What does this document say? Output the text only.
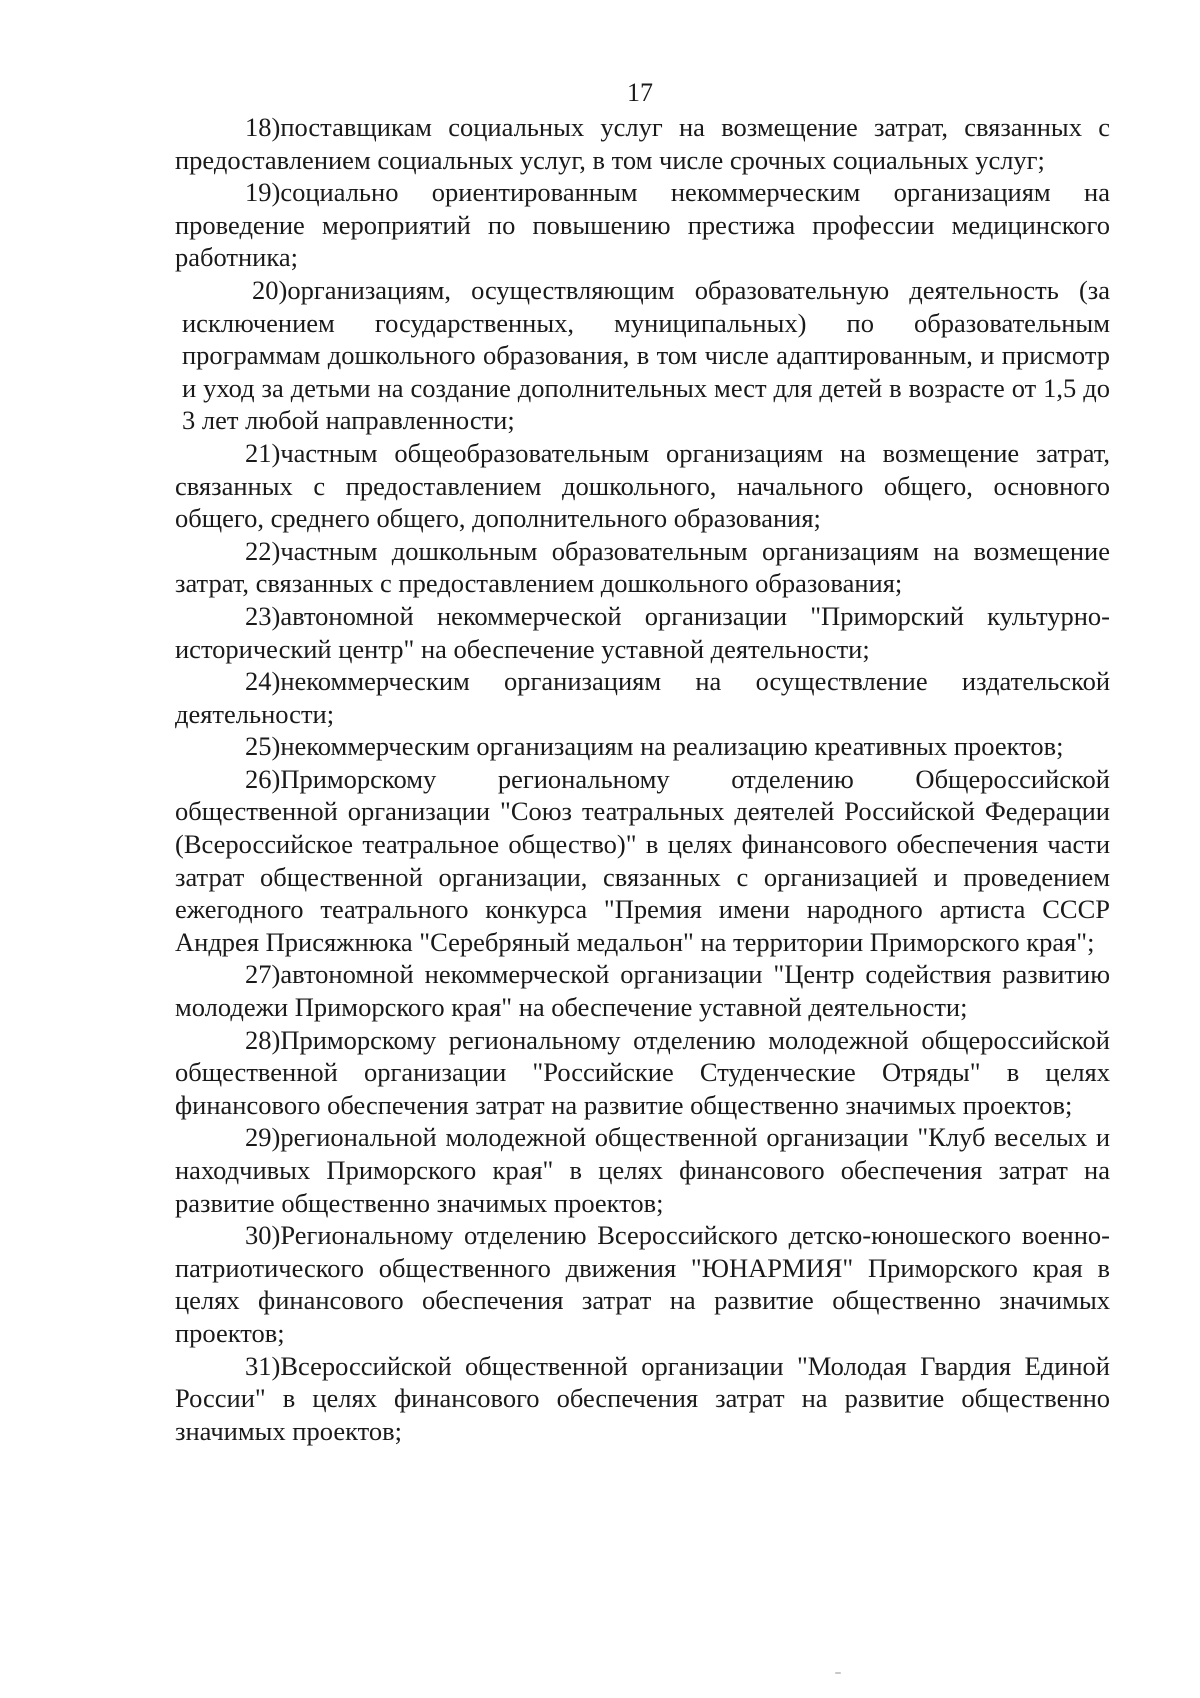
17

18)поставщикам социальных услуг на возмещение затрат, связанных с предоставлением социальных услуг, в том числе срочных социальных услуг;

19)социально ориентированным некоммерческим организациям на проведение мероприятий по повышению престижа профессии медицинского работника;

20)организациям, осуществляющим образовательную деятельность (за исключением государственных, муниципальных) по образовательным программам дошкольного образования, в том числе адаптированным, и присмотр и уход за детьми на создание дополнительных мест для детей в возрасте от 1,5 до 3 лет любой направленности;

21)частным общеобразовательным организациям на возмещение затрат, связанных с предоставлением дошкольного, начального общего, основного общего, среднего общего, дополнительного образования;

22)частным дошкольным образовательным организациям на возмещение затрат, связанных с предоставлением дошкольного образования;

23)автономной некоммерческой организации "Приморский культурно-исторический центр" на обеспечение уставной деятельности;

24)некоммерческим организациям на осуществление издательской деятельности;

25)некоммерческим организациям на реализацию креативных проектов;

26)Приморскому региональному отделению Общероссийской общественной организации "Союз театральных деятелей Российской Федерации (Всероссийское театральное общество)" в целях финансового обеспечения части затрат общественной организации, связанных с организацией и проведением ежегодного театрального конкурса "Премия имени народного артиста СССР Андрея Присяжнюка "Серебряный медальон" на территории Приморского края";

27)автономной некоммерческой организации "Центр содействия развитию молодежи Приморского края" на обеспечение уставной деятельности;

28)Приморскому региональному отделению молодежной общероссийской общественной организации "Российские Студенческие Отряды" в целях финансового обеспечения затрат на развитие общественно значимых проектов;

29)региональной молодежной общественной организации "Клуб веселых и находчивых Приморского края" в целях финансового обеспечения затрат на развитие общественно значимых проектов;

30)Региональному отделению Всероссийского детско-юношеского военно-патриотического общественного движения "ЮНАРМИЯ" Приморского края в целях финансового обеспечения затрат на развитие общественно значимых проектов;

31)Всероссийской общественной организации "Молодая Гвардия Единой России" в целях финансового обеспечения затрат на развитие общественно значимых проектов;
